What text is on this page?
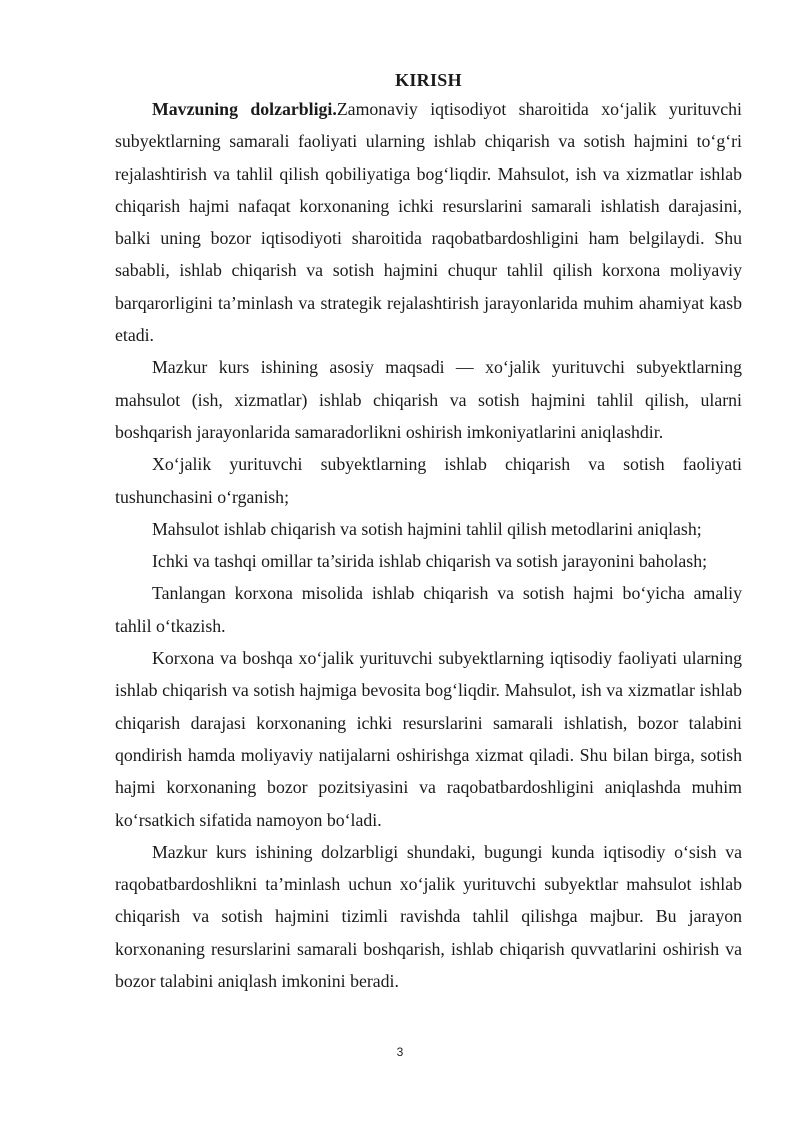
KIRISH

Mavzuning dolzarbligi.Zamonaviy iqtisodiyot sharoitida xo‘jalik yurituvchi subyektlarning samarali faoliyati ularning ishlab chiqarish va sotish hajmini to‘g‘ri rejalashtirish va tahlil qilish qobiliyatiga bog‘liqdir. Mahsulot, ish va xizmatlar ishlab chiqarish hajmi nafaqat korxonaning ichki resurslarini samarali ishlatish darajasini, balki uning bozor iqtisodiyoti sharoitida raqobatbardoshligini ham belgilaydi. Shu sababli, ishlab chiqarish va sotish hajmini chuqur tahlil qilish korxona moliyaviy barqarorligini ta’minlash va strategik rejalashtirish jarayonlarida muhim ahamiyat kasb etadi.

Mazkur kurs ishining asosiy maqsadi — xo‘jalik yurituvchi subyektlarning mahsulot (ish, xizmatlar) ishlab chiqarish va sotish hajmini tahlil qilish, ularni boshqarish jarayonlarida samaradorlikni oshirish imkoniyatlarini aniqlashdir.

Xo‘jalik yurituvchi subyektlarning ishlab chiqarish va sotish faoliyati tushunchasini o‘rganish;

Mahsulot ishlab chiqarish va sotish hajmini tahlil qilish metodlarini aniqlash;

Ichki va tashqi omillar ta’sirida ishlab chiqarish va sotish jarayonini baholash;

Tanlangan korxona misolida ishlab chiqarish va sotish hajmi bo‘yicha amaliy tahlil o‘tkazish.

Korxona va boshqa xo‘jalik yurituvchi subyektlarning iqtisodiy faoliyati ularning ishlab chiqarish va sotish hajmiga bevosita bog‘liqdir. Mahsulot, ish va xizmatlar ishlab chiqarish darajasi korxonaning ichki resurslarini samarali ishlatish, bozor talabini qondirish hamda moliyaviy natijalarni oshirishga xizmat qiladi. Shu bilan birga, sotish hajmi korxonaning bozor pozitsiyasini va raqobatbardoshligini aniqlashda muhim ko‘rsatkich sifatida namoyon bo‘ladi.

Mazkur kurs ishining dolzarbligi shundaki, bugungi kunda iqtisodiy o‘sish va raqobatbardoshlikni ta’minlash uchun xo‘jalik yurituvchi subyektlar mahsulot ishlab chiqarish va sotish hajmini tizimli ravishda tahlil qilishga majbur. Bu jarayon korxonaning resurslarini samarali boshqarish, ishlab chiqarish quvvatlarini oshirish va bozor talabini aniqlash imkonini beradi.

3
